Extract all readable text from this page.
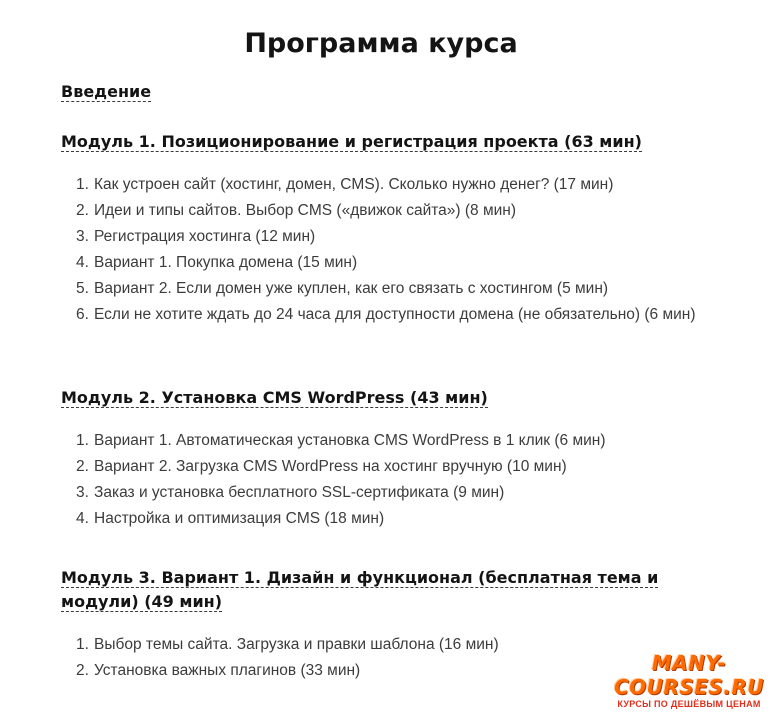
Программа курса
Введение
Модуль 1. Позиционирование и регистрация проекта (63 мин)
1. Как устроен сайт (хостинг, домен, CMS). Сколько нужно денег? (17 мин)
2. Идеи и типы сайтов. Выбор CMS («движок сайта») (8 мин)
3. Регистрация хостинга (12 мин)
4. Вариант 1. Покупка домена (15 мин)
5. Вариант 2. Если домен уже куплен, как его связать с хостингом (5 мин)
6. Если не хотите ждать до 24 часа для доступности домена (не обязательно) (6 мин)
Модуль 2. Установка CMS WordPress (43 мин)
1. Вариант 1. Автоматическая установка CMS WordPress в 1 клик (6 мин)
2. Вариант 2. Загрузка CMS WordPress на хостинг вручную (10 мин)
3. Заказ и установка бесплатного SSL-сертификата (9 мин)
4. Настройка и оптимизация CMS (18 мин)
Модуль 3. Вариант 1. Дизайн и функционал (бесплатная тема и модули) (49 мин)
1. Выбор темы сайта. Загрузка и правки шаблона (16 мин)
2. Установка важных плагинов (33 мин)	MANY-COURSES.RU
КУРСЫ ПО ДЕШЁВЫМ ЦЕНАМ
